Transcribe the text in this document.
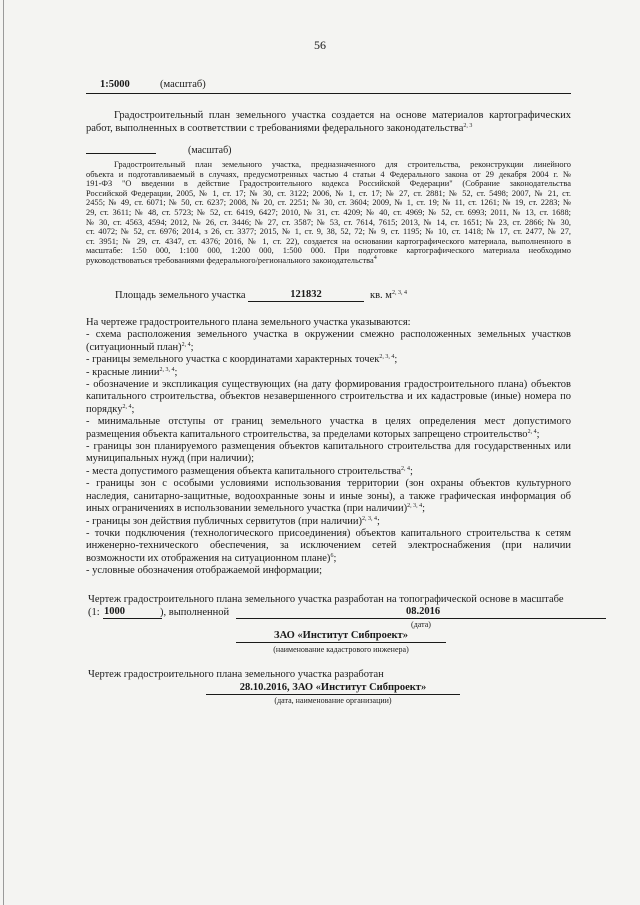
56
1:5000	(масштаб)
Градостроительный план земельного участка создается на основе материалов картографических работ, выполненных в соответствии с требованиями федерального законодательства$^{2, 3}$
(масштаб)
Градостроительный план земельного участка, предназначенного для строительства, реконструкции линейного
объекта и подготавливаемый в случаях, предусмотренных частью 4 статьи 4 Федерального закона от 29 декабря 2004 г. №
191-ФЗ "О введении в действие Градостроительного кодекса Российской Федерации" (Собрание законодательства
Российской Федерации, 2005, № 1, ст. 17; № 30, ст. 3122; 2006, № 1, ст. 17; № 27, ст. 2881; № 52, ст. 5498; 2007, № 21, ст.
2455; № 49, ст. 6071; № 50, ст. 6237; 2008, № 20, ст. 2251; № 30, ст. 3604; 2009, № 1, ст. 19; № 11, ст. 1261; № 19, ст. 2283; №
29, ст. 3611; № 48, ст. 5723; № 52, ст. 6419, 6427; 2010, № 31, ст. 4209; № 40, ст. 4969; № 52, ст. 6993; 2011, № 13, ст. 1688;
№ 30, ст. 4563, 4594; 2012, № 26, ст. 3446; № 27, ст. 3587; № 53, ст. 7614, 7615; 2013, № 14, ст. 1651; № 23, ст. 2866; № 30,
ст. 4072; № 52, ст. 6976; 2014, з 26, ст. 3377; 2015, № 1, ст. 9, 38, 52, 72; № 9, ст. 1195; № 10, ст. 1418; № 17, ст. 2477, № 27,
ст. 3951; № 29, ст. 4347, ст. 4376; 2016, № 1, ст. 22), создается на основании картографического материала, выполненного в
масштабе: 1:50 000, 1:100 000, 1:200 000, 1:500 000. При подготовке картографического материала необходимо
руководствоваться требованиями федерального/регионального законодательства$^4$
Площадь земельного участка	121832	кв. $м^{2, 3, 4}$
На чертеже градостроительного плана земельного участка указываются:
- схема расположения земельного участка в окружении смежно расположенных земельных участков
(ситуационный план)$^{2, 4}$;
- границы земельного участка с координатами характерных точек$^{2, 3, 4}$;
- красные линии$^{2, 3, 4}$;
- обозначение и экспликация существующих (на дату формирования градостроительного плана) объектов
капитального строительства, объектов незавершенного строительства и их кадастровые (иные) номера по
порядку$^{2, 4}$;
- минимальные отступы от границ земельного участка в целях определения мест допустимого
размещения объекта капитального строительства, за пределами которых запрещено строительство$^{2, 4}$;
- границы зон планируемого размещения объектов капитального строительства для государственных или
муниципальных нужд (при наличии);
- места допустимого размещения объекта капитального строительства$^{2, 4}$;
- границы зон с особыми условиями использования территории (зон охраны объектов культурного
наследия, санитарно-защитные, водоохранные зоны и иные зоны), а также графическая информация об
иных ограничениях в использовании земельного участка (при наличии)$^{2, 3, 4}$;
- границы зон действия публичных сервитутов (при наличии)$^{2, 3, 4}$;
- точки подключения (технологического присоединения) объектов капитального строительства к сетям
инженерно-технического обеспечения, за исключением сетей электроснабжения (при наличии
возможности их отображения на ситуационном плане)$^6$;
- условные обозначения отображаемой информации;
Чертеж градостроительного плана земельного участка разработан на топографической основе в масштабе
(1: 1000	), выполненной	08.2016
(дата)
ЗАО «Институт Сибпроект»
(наименование кадастрового инженера)
Чертеж градостроительного плана земельного участка разработан
28.10.2016, ЗАО «Институт Сибпроект»
(дата, наименование организации)
